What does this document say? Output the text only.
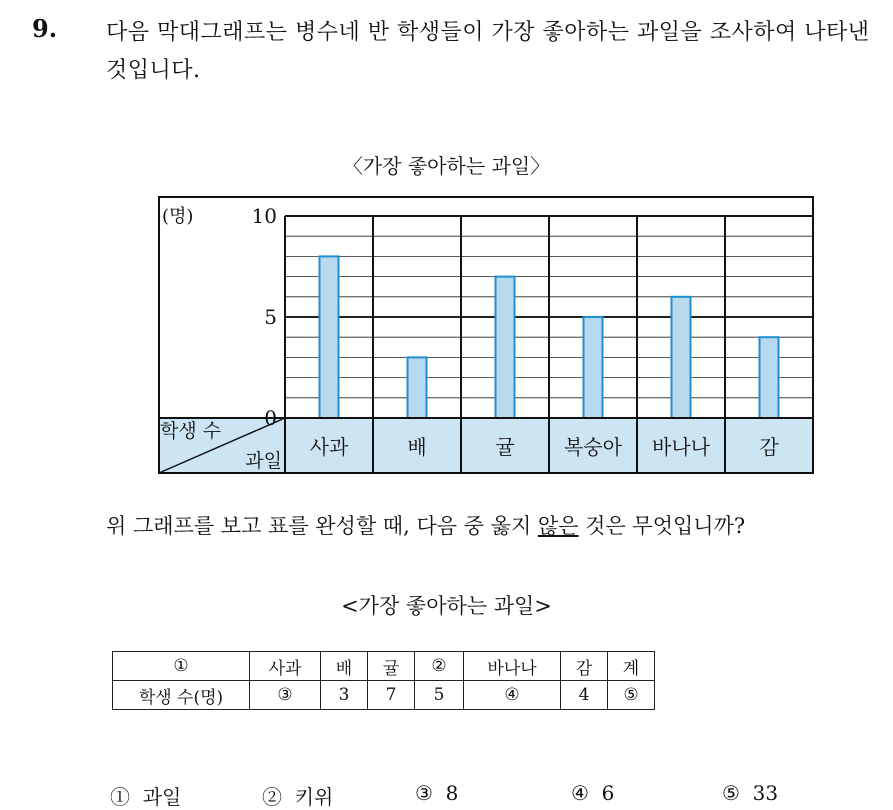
9. 다음 막대그래프는 병수네 반 학생들이 가장 좋아하는 과일을 조사하여 나타낸 것입니다.
〈가장 좋아하는 과일〉
0
5
10
(명)
학생 수
과일
사과	배	귤 복숭아 바나나 감
위 그래프를 보고 표를 완성할 때, 다음 중 옳지 않은 것은 무엇입니까?
<가장 좋아하는 과일>
①	사과	배	귤	②	바나나	감	계
학생 수(명)	③	3	7	5	④	4	⑤
① 과일	② 키위	③ 8	④ 6	⑤ 33
